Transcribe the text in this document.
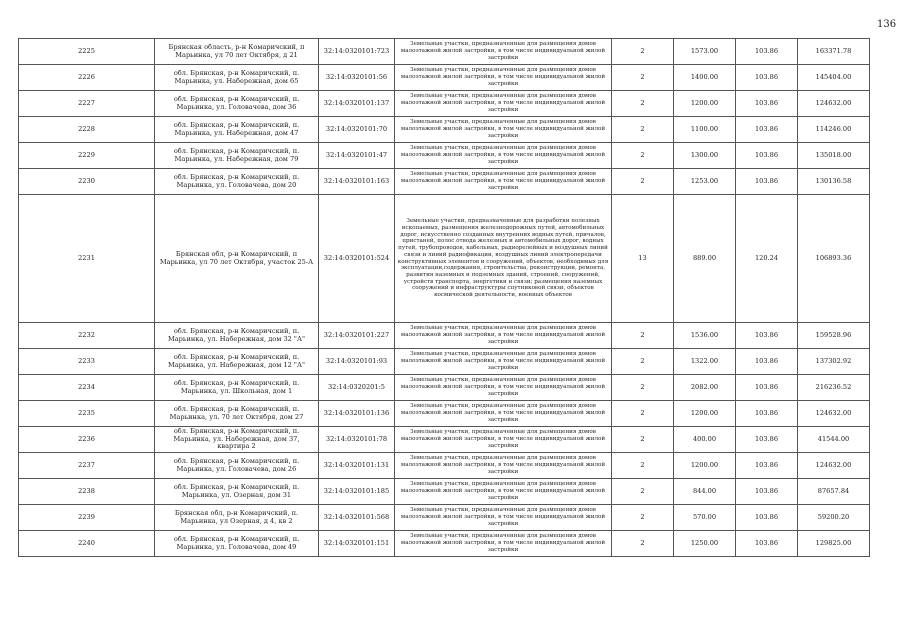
136
2225	Брянская область, р-н Комаричский, п Марьинка, ул 70 лет Октября, д 21	32:14:0320101:723	Земельные участки, предназначенные для размещения домов малоэтажной жилой застройки, в том числе индивидуальной жилой застройки	2	1573.00	103.86	163371.78
2226	обл. Брянская, р-н Комаричский, п. Марьинка, ул. Набережная, дом 65	32:14:0320101:56	Земельные участки, предназначенные для размещения домов малоэтажной жилой застройки, в том числе индивидуальной жилой застройки	2	1400.00	103.86	145404.00
2227	обл. Брянская, р-н Комаричский, п. Марьинка, ул. Головачева, дом 36	32:14:0320101:137	Земельные участки, предназначенные для размещения домов малоэтажной жилой застройки, в том числе индивидуальной жилой застройки	2	1200.00	103.86	124632.00
2228	обл. Брянская, р-н Комаричский, п. Марьинка, ул. Набережная, дом 47	32:14:0320101:70	Земельные участки, предназначенные для размещения домов малоэтажной жилой застройки, в том числе индивидуальной жилой застройки	2	1100.00	103.86	114246.00
2229	обл. Брянская, р-н Комаричский, п. Марьинка, ул. Набережная, дом 79	32:14:0320101:47	Земельные участки, предназначенные для размещения домов малоэтажной жилой застройки, в том числе индивидуальной жилой застройки	2	1300.00	103.86	135018.00
2230	обл. Брянская, р-н Комаричский, п. Марьинка, ул. Головачева, дом 20	32:14:0320101:163	Земельные участки, предназначенные для размещения домов малоэтажной жилой застройки, в том числе индивидуальной жилой застройки	2	1253.00	103.86	130136.58
2231	Брянская обл, р-н Комаричский, п Марьинка, ул 70 лет Октября, участок 25-А	32:14:0320101:524	Земельные участки, предназначенные для разработки полезных ископаемых, размещения железнодорожных путей, автомобильных дорог, искусственно созданных внутренних водных путей, причалов, пристаней, полос отвода железных и автомобильных дорог, водных путей, трубопроводов, кабельных, радиорелейных и воздушных линий связи и линий радиофикации, воздушных линий электропередачи конструктивных элементов и сооружений, объектов, необходимых для эксплуатации,содержания, строительства, реконструкции, ремонта, развития наземных и подземных зданий, строений, сооружений, устройств транспорта, энергетики и связи; размещения наземных сооружений и инфраструктуры спутниковой связи, объектов космической деятельности, военных объектов	13	889.00	120.24	106893.36
2232	обл. Брянская, р-н Комаричский, п. Марьинка, ул. Набережная, дом 32 "А"	32:14:0320101:227	Земельные участки, предназначенные для размещения домов малоэтажной жилой застройки, в том числе индивидуальной жилой застройки	2	1536.00	103.86	159528.96
2233	обл. Брянская, р-н Комаричский, п. Марьинка, ул. Набережная, дом 12 "А"	32:14:0320101:93	Земельные участки, предназначенные для размещения домов малоэтажной жилой застройки, в том числе индивидуальной жилой застройки	2	1322.00	103.86	137302.92
2234	обл. Брянская, р-н Комаричский, п. Марьинка, ул. Школьная, дом 1	32:14:0320201:5	Земельные участки, предназначенные для размещения домов малоэтажной жилой застройки, в том числе индивидуальной жилой застройки	2	2082.00	103.86	216236.52
2235	обл. Брянская, р-н Комаричский, п. Марьинка, ул. 70 лет Октября, дом 27	32:14:0320101:136	Земельные участки, предназначенные для размещения домов малоэтажной жилой застройки, в том числе индивидуальной жилой застройки	2	1200.00	103.86	124632.00
2236	обл. Брянская, р-н Комаричский, п. Марьинка, ул. Набережная, дом 37, квартира 2	32:14:0320101:78	Земельные участки, предназначенные для размещения домов малоэтажной жилой застройки, в том числе индивидуальной жилой застройки	2	400.00	103.86	41544.00
2237	обл. Брянская, р-н Комаричский, п. Марьинка, ул. Головачева, дом 26	32:14:0320101:131	Земельные участки, предназначенные для размещения домов малоэтажной жилой застройки, в том числе индивидуальной жилой застройки	2	1200.00	103.86	124632.00
2238	обл. Брянская, р-н Комаричский, п. Марьинка, ул. Озерная, дом 31	32:14:0320101:185	Земельные участки, предназначенные для размещения домов малоэтажной жилой застройки, в том числе индивидуальной жилой застройки	2	844.00	103.86	87657.84
2239	Брянская обл, р-н Комаричский, п. Марьинка, ул Озерная, д 4, кв 2	32:14:0320101:568	Земельные участки, предназначенные для размещения домов малоэтажной жилой застройки, в том числе индивидуальной жилой застройки	2	570.00	103.86	59200.20
2240	обл. Брянская, р-н Комаричский, п. Марьинка, ул. Головачева, дом 49	32:14:0320101:151	Земельные участки, предназначенные для размещения домов малоэтажной жилой застройки, в том числе индивидуальной жилой застройки	2	1250.00	103.86	129825.00
